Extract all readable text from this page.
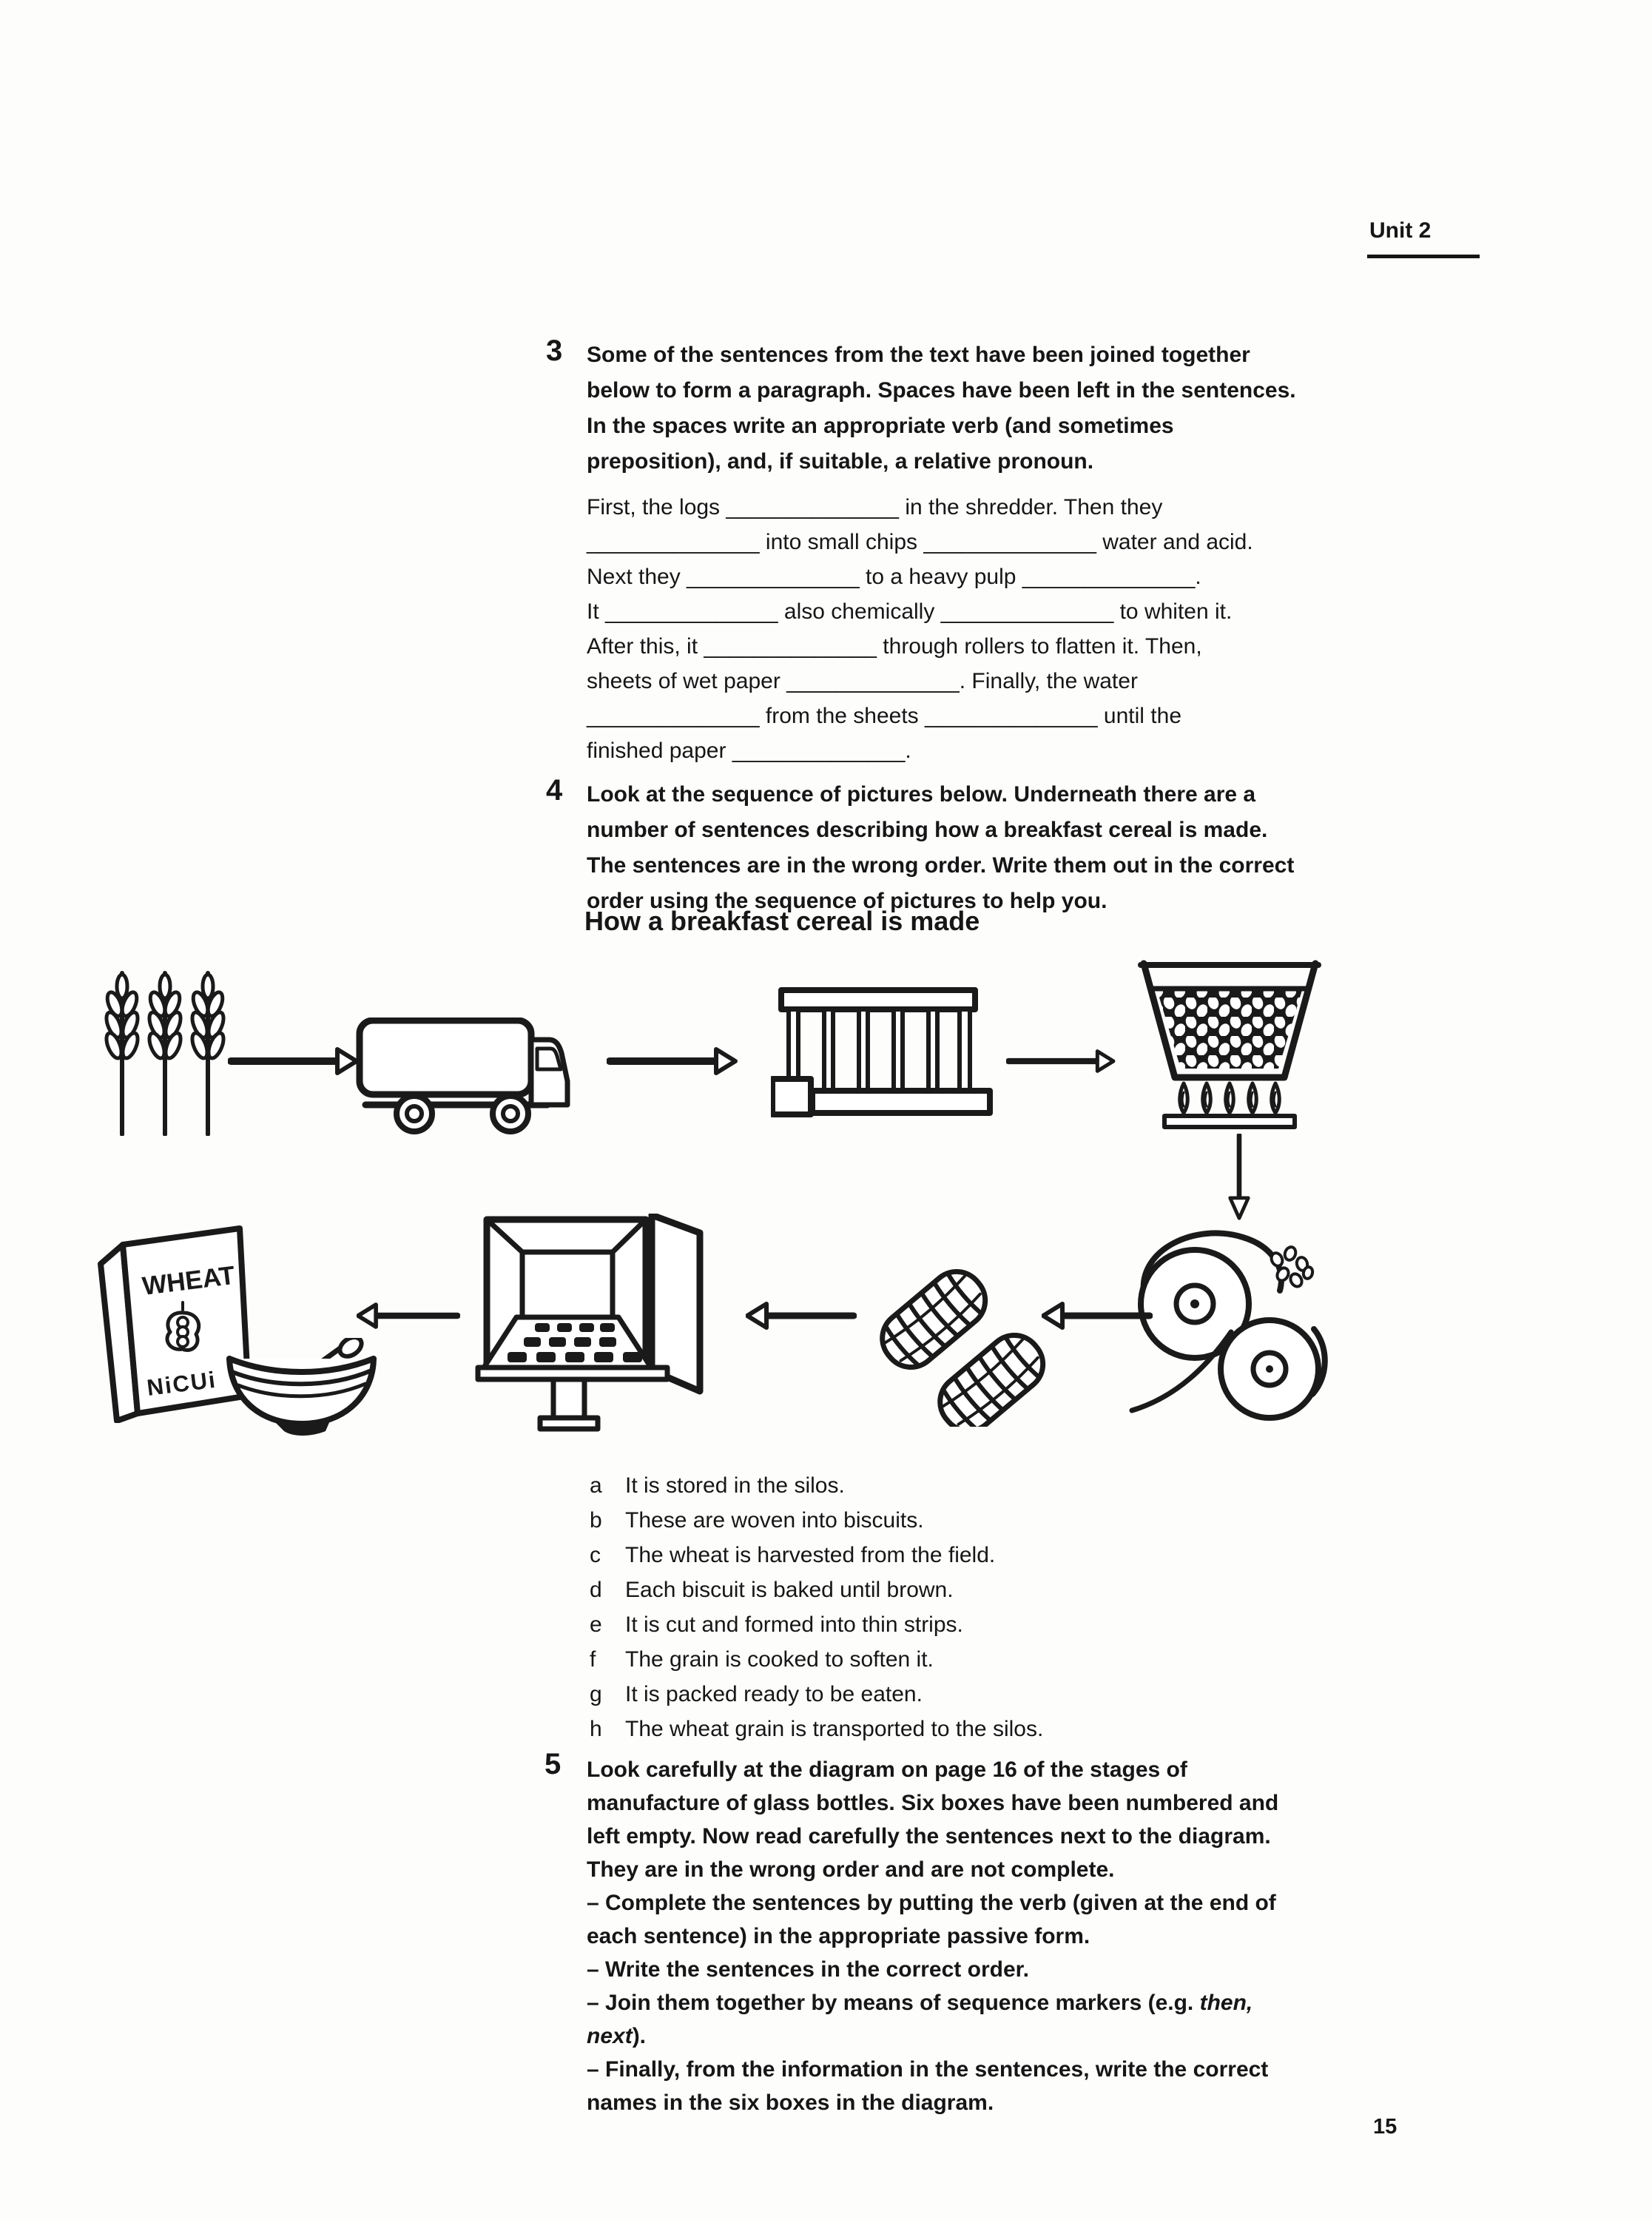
Unit 2
3 Some of the sentences from the text have been joined together
below to form a paragraph. Spaces have been left in the sentences.
In the spaces write an appropriate verb (and sometimes
preposition), and, if suitable, a relative pronoun.
First, the logs ______________ in the shredder. Then they
______________ into small chips ______________ water and acid.
Next they ______________ to a heavy pulp ______________.
It ______________ also chemically ______________ to whiten it.
After this, it ______________ through rollers to flatten it. Then,
sheets of wet paper ______________. Finally, the water
______________ from the sheets ______________ until the
finished paper ______________.
4 Look at the sequence of pictures below. Underneath there are a
number of sentences describing how a breakfast cereal is made.
The sentences are in the wrong order. Write them out in the correct
order using the sequence of pictures to help you.
How a breakfast cereal is made
WHEAT
NiCUi
a It is stored in the silos.
b These are woven into biscuits.
c The wheat is harvested from the field.
d Each biscuit is baked until brown.
e It is cut and formed into thin strips.
f The grain is cooked to soften it.
g It is packed ready to be eaten.
h The wheat grain is transported to the silos.
5 Look carefully at the diagram on page 16 of the stages of
manufacture of glass bottles. Six boxes have been numbered and
left empty. Now read carefully the sentences next to the diagram.
They are in the wrong order and are not complete.
– Complete the sentences by putting the verb (given at the end of
each sentence) in the appropriate passive form.
– Write the sentences in the correct order.
– Join them together by means of sequence markers (e.g. then,
next).
– Finally, from the information in the sentences, write the correct
names in the six boxes in the diagram.
15
